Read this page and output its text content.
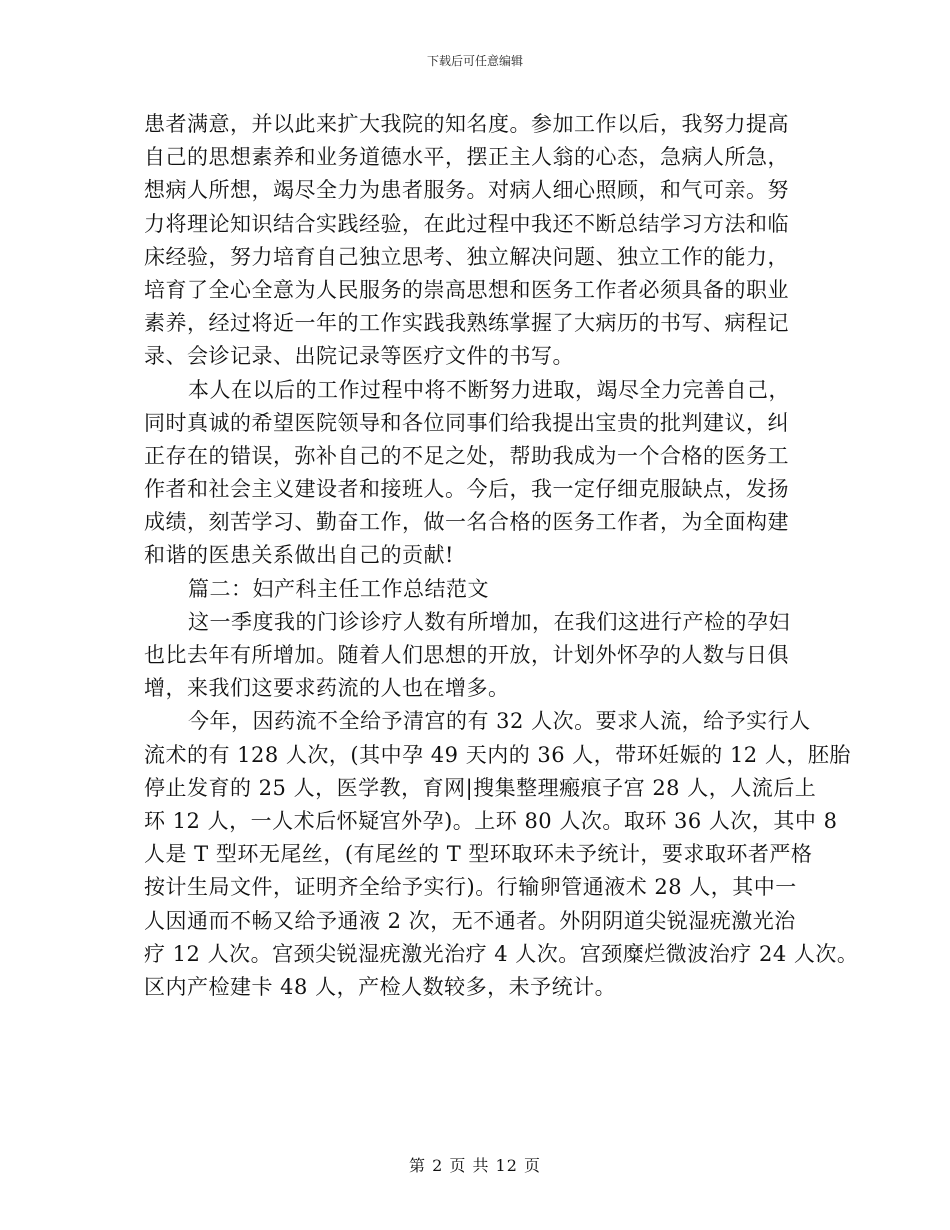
下载后可任意编辑
患者满意，并以此来扩大我院的知名度。参加工作以后，我努力提高
自己的思想素养和业务道德水平，摆正主人翁的心态，急病人所急，
想病人所想，竭尽全力为患者服务。对病人细心照顾，和气可亲。努
力将理论知识结合实践经验，在此过程中我还不断总结学习方法和临
床经验，努力培育自己独立思考、独立解决问题、独立工作的能力，
培育了全心全意为人民服务的崇高思想和医务工作者必须具备的职业
素养，经过将近一年的工作实践我熟练掌握了大病历的书写、病程记
录、会诊记录、出院记录等医疗文件的书写。
本人在以后的工作过程中将不断努力进取，竭尽全力完善自己，
同时真诚的希望医院领导和各位同事们给我提出宝贵的批判建议，纠
正存在的错误，弥补自己的不足之处，帮助我成为一个合格的医务工
作者和社会主义建设者和接班人。今后，我一定仔细克服缺点，发扬
成绩，刻苦学习、勤奋工作，做一名合格的医务工作者，为全面构建
和谐的医患关系做出自己的贡献!
篇二：妇产科主任工作总结范文
这一季度我的门诊诊疗人数有所增加，在我们这进行产检的孕妇
也比去年有所增加。随着人们思想的开放，计划外怀孕的人数与日俱
增，来我们这要求药流的人也在增多。
今年，因药流不全给予清宫的有 32 人次。要求人流，给予实行人
流术的有 128 人次，(其中孕 49 天内的 36 人，带环妊娠的 12 人，胚胎
停止发育的 25 人，医学教，育网|搜集整理瘢痕子宫 28 人，人流后上
环 12 人，一人术后怀疑宫外孕)。上环 80 人次。取环 36 人次，其中 8
人是 T 型环无尾丝，(有尾丝的 T 型环取环未予统计，要求取环者严格
按计生局文件，证明齐全给予实行)。行输卵管通液术 28 人，其中一
人因通而不畅又给予通液 2 次，无不通者。外阴阴道尖锐湿疣激光治
疗 12 人次。宫颈尖锐湿疣激光治疗 4 人次。宫颈糜烂微波治疗 24 人次。
区内产检建卡 48 人，产检人数较多，未予统计。
第 2 页 共 12 页
